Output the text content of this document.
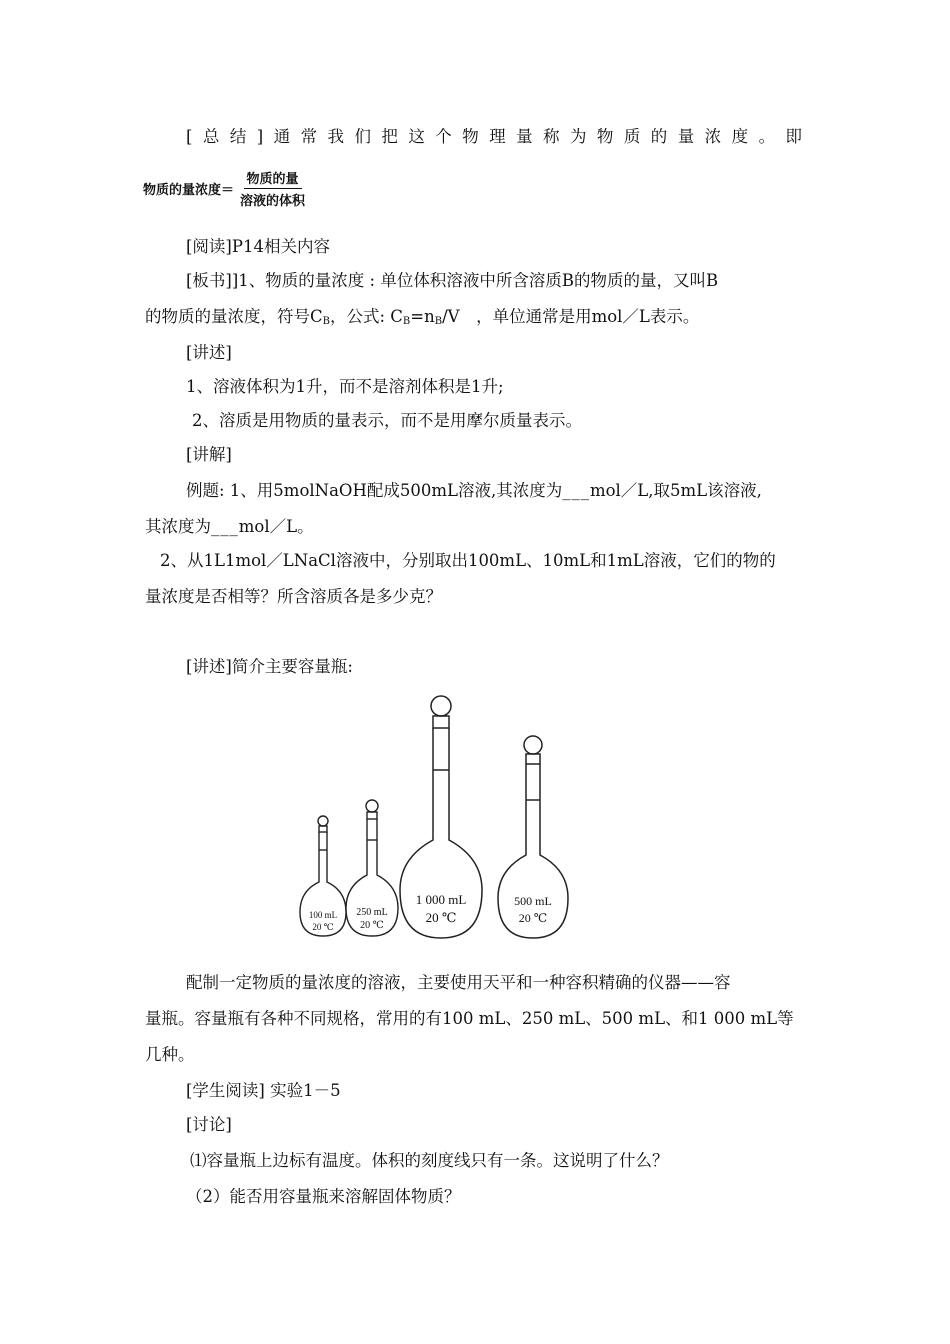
[总结]通常我们把这个物理量称为物质的量浓度。即
物质的量浓度＝ $\frac{\text{物质的量}}{\text{溶液的体积}}$
[阅读]P14相关内容
[板书]]1、物质的量浓度 : 单位体积溶液中所含溶质B的物质的量，又叫B
的物质的量浓度，符号$C_B$，公式: $C_B=n_B/V$　，单位通常是用mol／L表示。
[讲述]
1、溶液体积为1升，而不是溶剂体积是1升;
2、溶质是用物质的量表示，而不是用摩尔质量表示。
[讲解]
例题: 1、用5molNaOH配成500mL溶液,其浓度为___mol／L,取5mL该溶液,
其浓度为___mol／L。
2、从1L1mol／LNaCl溶液中，分别取出100mL、10mL和1mL溶液，它们的物的
量浓度是否相等？所含溶质各是多少克？
[讲述]简介主要容量瓶:
100 mL
20 ℃
250 mL
20 ℃
1 000 mL
20 ℃
500 mL
20 ℃
配制一定物质的量浓度的溶液，主要使用天平和一种容积精确的仪器——容
量瓶。容量瓶有各种不同规格，常用的有100 mL、250 mL、500 mL、和1 000 mL等
几种。
[学生阅读] 实验1－5
[讨论]
⑴容量瓶上边标有温度。体积的刻度线只有一条。这说明了什么？
（2）能否用容量瓶来溶解固体物质？
